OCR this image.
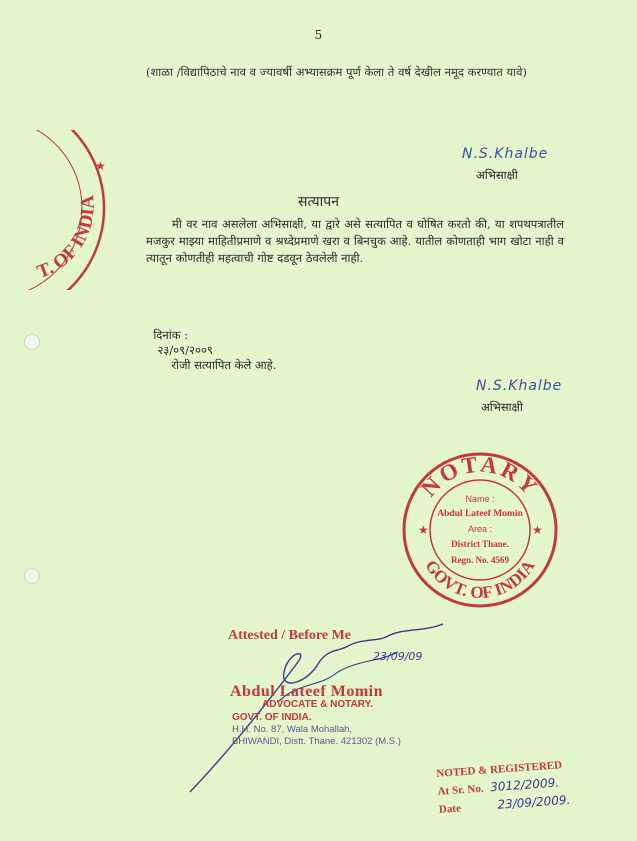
5
(शाळा /विद्यापिठाचे नाव व ज्यावर्षी अभ्यासक्रम पूर्ण केला ते वर्ष देखील नमूद करण्यात यावे)
N.S.Khalbe
अभिसाक्षी
T. OF INDIA
★
सत्यापन
मी वर नाव असलेला अभिसाक्षी, या द्वारे असे सत्यापित व घोषित करतो की, या शपथपत्रातील मजकुर माझ्या माहितीप्रमाणे व श्रध्देप्रमाणे खरा व बिनचुक आहे. यातील कोणताही भाग खोटा नाही व त्यातून कोणतीही महत्वाची गोष्ट दडवून ठेवलेली नाही.

दिनांक :
२३/०९/२००९
रोजी सत्यापित केले आहे.

N.S.Khalbe
अभिसाक्षी
NOTARY
GOVT. OF INDIA
★	★
Name :
Abdul Lateef Momin
Area :
District Thane.
Regn. No. 4569
Attested / Before Me
23/09/09
Abdul Lateef Momin
ADVOCATE & NOTARY.
GOVT. OF INDIA.
H.H. No. 87, Wala Mohallah,
BHIWANDI, Distt. Thane. 421302 (M.S.)
NOTED & REGISTERED
At Sr. No. 3012/2009.
Date	23/09/2009.
